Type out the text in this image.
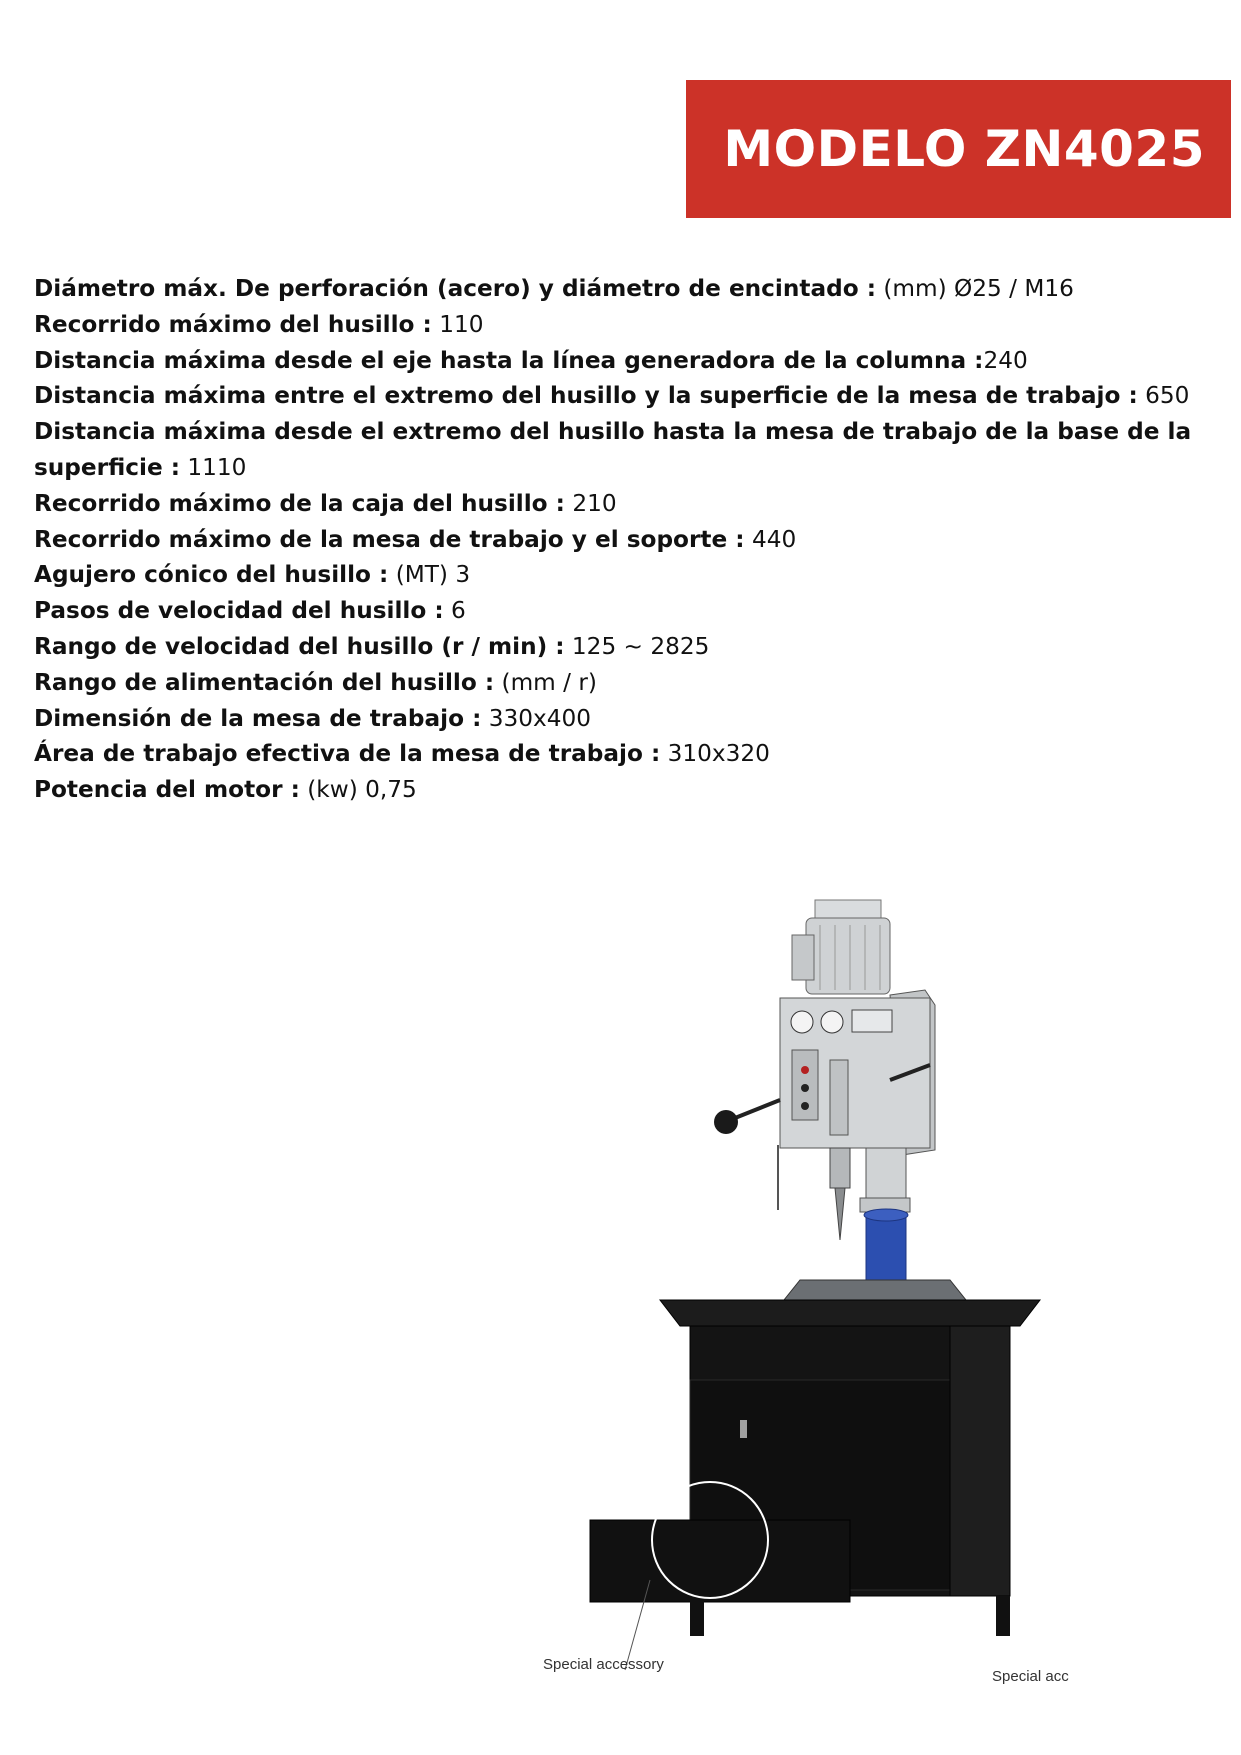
MODELO ZN4025

Diámetro máx. De perforación (acero) y diámetro de encintado : (mm) Ø25 / M16

Recorrido máximo del husillo : 110

Distancia máxima desde el eje hasta la línea generadora de la columna :240

Distancia máxima entre el extremo del husillo y la superficie de la mesa de trabajo : 650

Distancia máxima desde el extremo del husillo hasta la mesa de trabajo de la base de la superficie : 1110

Recorrido máximo de la caja del husillo : 210

Recorrido máximo de la mesa de trabajo y el soporte : 440

Agujero cónico del husillo : (MT) 3

Pasos de velocidad del husillo : 6

Rango de velocidad del husillo (r / min) : 125 ~ 2825

Rango de alimentación del husillo : (mm / r)

Dimensión de la mesa de trabajo : 330x400

Área de trabajo efectiva de la mesa de trabajo : 310x320

Potencia del motor : (kw) 0,75

Special accessory
Special acc
